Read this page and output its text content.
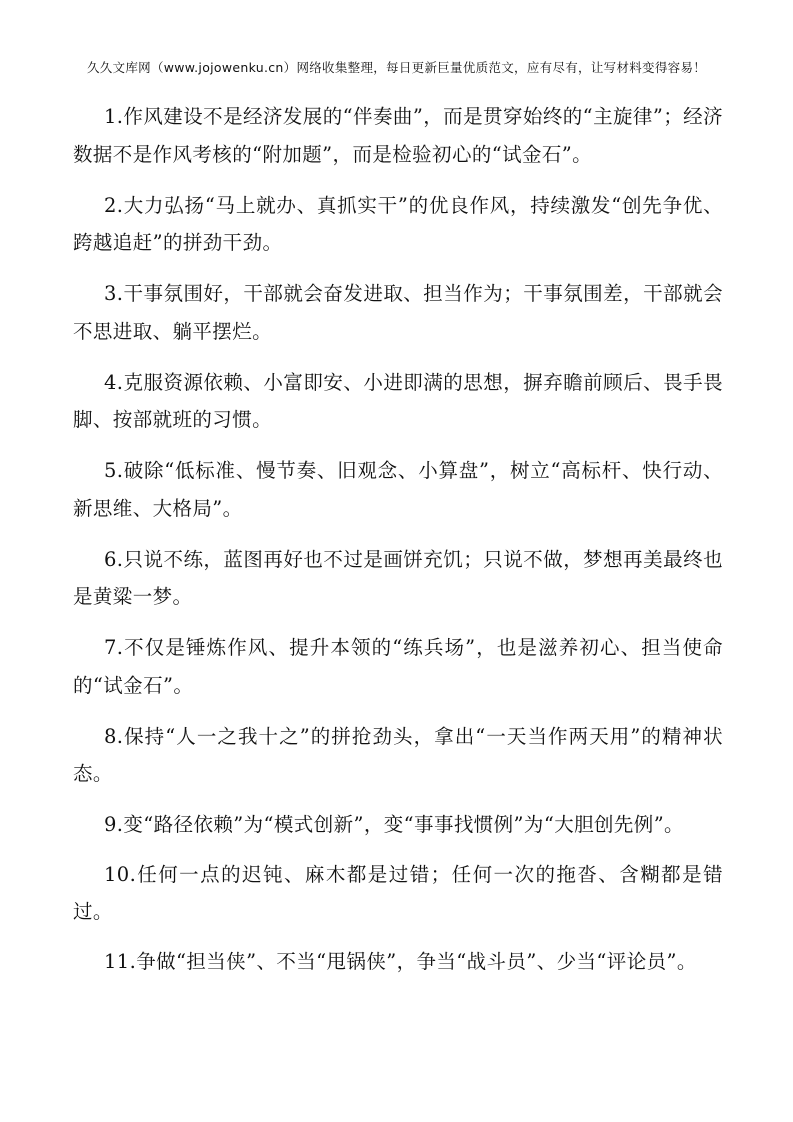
久久文库网（www.jojowenku.cn）网络收集整理，每日更新巨量优质范文，应有尽有，让写材料变得容易！

1.作风建设不是经济发展的“伴奏曲”，而是贯穿始终的“主旋律”；经济数据不是作风考核的“附加题”，而是检验初心的“试金石”。

2.大力弘扬“马上就办、真抓实干”的优良作风，持续激发“创先争优、跨越追赶”的拼劲干劲。

3.干事氛围好，干部就会奋发进取、担当作为；干事氛围差，干部就会不思进取、躺平摆烂。

4.克服资源依赖、小富即安、小进即满的思想，摒弃瞻前顾后、畏手畏脚、按部就班的习惯。

5.破除“低标准、慢节奏、旧观念、小算盘”，树立“高标杆、快行动、新思维、大格局”。

6.只说不练，蓝图再好也不过是画饼充饥；只说不做，梦想再美最终也是黄粱一梦。

7.不仅是锤炼作风、提升本领的“练兵场”，也是滋养初心、担当使命的“试金石”。

8.保持“人一之我十之”的拼抢劲头，拿出“一天当作两天用”的精神状态。

9.变“路径依赖”为“模式创新”，变“事事找惯例”为“大胆创先例”。

10.任何一点的迟钝、麻木都是过错；任何一次的拖沓、含糊都是错过。

11.争做“担当侠”、不当“甩锅侠”，争当“战斗员”、少当“评论员”。
